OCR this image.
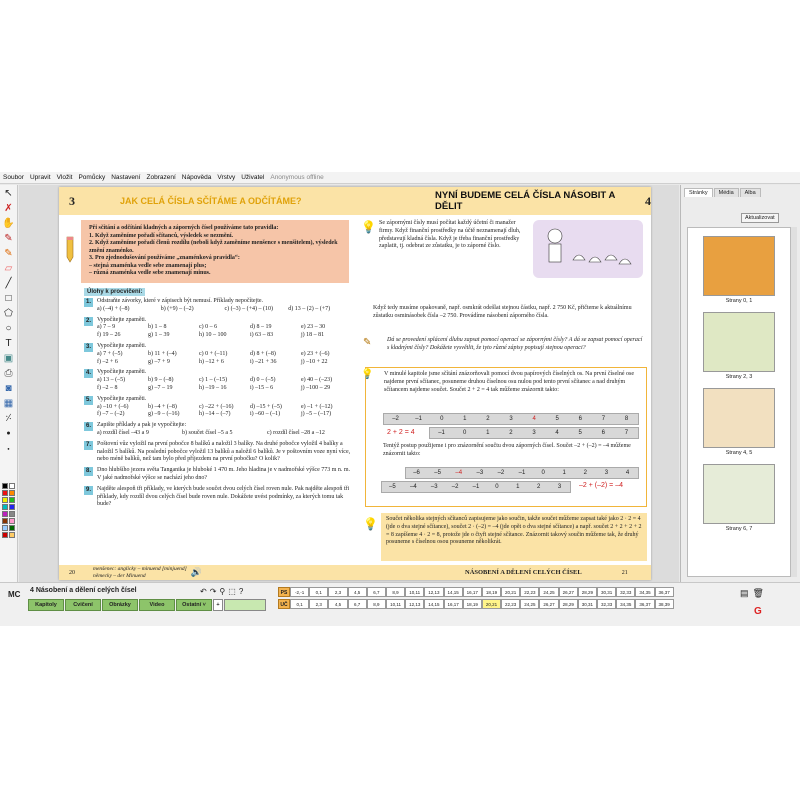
Soubor Upravit Vložit Pomůcky Nastavení Zobrazení Nápověda Vrstvy Uživatel Anonymous offline
↖
✗
✋
✎
✎
▱
╱
□
⬠
○
T
▣
⎙
◙
▦
⸓
●
●
3	JAK CELÁ ČÍSLA SČÍTÁME A ODČÍTÁME?	NYNÍ BUDEME CELÁ ČÍSLA NÁSOBIT A DĚLIT	4
Při sčítání a odčítání kladných a záporných čísel používáme tato pravidla:
1. Když zaměníme pořadí sčítanců, výsledek se nezmění.
2. Když zaměníme pořadí členů rozdílu (neboli když zaměníme menšence s menšitelem), výsledek změní znaménko.
3. Pro zjednodušování používáme „znaménková pravidla“:
– stejná znaménka vedle sebe znamenají plus;
– různá znaménka vedle sebe znamenají minus.
Úlohy k procvičení:
1.	Odstraňte závorky, které v zápisech být nemusí. Příklady nepočítejte.
a) (–4) + (–8)	b) (+9) – (–2)	c) (–3) – (+4) – (10)	d) 13 – (2) – (+7)
2.	Vypočítejte zpaměti.
a) 7 – 9	b) 1 – 8	c) 0 – 6	d) 8 – 19	e) 23 – 30
f) 19 – 26	g) 1 – 39	h) 10 – 100	i) 63 – 83	j) 18 – 81
3.	Vypočítejte zpaměti.
a) 7 + (–5)	b) 11 + (–4)	c) 0 + (–11)	d) 8 + (–8)	e) 23 + (–6)
f) –2 + 6	g) –7 + 9	h) –12 + 6	i) –21 + 36	j) –10 + 22
4.	Vypočítejte zpaměti.
a) 13 – (–5)	b) 9 – (–8)	c) 1 – (–15)	d) 0 – (–5)	e) 40 – (–23)
f) –2 – 8	g) –7 – 19	h) –19 – 16	i) –15 – 6	j) –100 – 29
5.	Vypočítejte zpaměti.
a) –10 + (–6)	b) –4 + (–8)	c) –22 + (–16)	d) –15 + (–5)	e) –1 + (–12)
f) –7 – (–2)	g) –9 – (–16)	h) –14 – (–7)	i) –60 – (–1)	j) –5 – (–17)
6.	Zapište příklady a pak je vypočítejte:
a) rozdíl čísel –43 a 9	b) součet čísel –5 a 5	c) rozdíl čísel –28 a –12
7.	Poštovní vůz vyložil na první pobočce 8 balíků a naložil 3 balíky. Na druhé pobočce vyložil 4 balíky a naložil 5 balíků. Na poslední pobočce vyložil 13 balíků a naložil 6 balíků. Je v poštovním voze nyní více, nebo méně balíků, než tam bylo před příjezdem na první pobočku? O kolik?
8.	Dno hlubšího jezera světa Tanganika je hluboké 1 470 m. Jeho hladina je v nadmořské výšce 773 m n. m. V jaké nadmořské výšce se nachází jeho dno?
9.	Najděte alespoň tři příklady, ve kterých bude součet dvou celých čísel roven nule. Pak najděte alespoň tři příklady, kdy rozdíl dvou celých čísel bude roven nule. Dokážete uvést podmínky, za kterých tomu tak bude?
20
menšenec: anglicky – minuend [minjuend]
německy – der Minuend	🔊	NÁSOBENÍ A DĚLENÍ CELÝCH ČÍSEL	21
💡 Se zápornými čísly musí počítat každý účetní či manažer firmy. Když finanční prostředky na účtě neznamenají dluh, představují kladná čísla. Když je třeba finanční prostředky zaplatit, tj. odebrat ze zůstatku, je to záporné číslo.
Když tedy musíme opakovaně, např. osmkrát odešlat stejnou částku, např. 2 750 Kč, přičteme k aktuálnímu zůstatku osminásobek čísla –2 750. Provádíme násobení záporného čísla.
✎	Dá se provedení splácení dluhu zapsat pomocí operací se zápornými čísly? A dá se zapsat pomocí operací s kladnými čísly? Dokážete vysvětlit, že tyto různé zápisy popisují stejnou operaci?
V minulé kapitole jsme sčítání znázorňovali pomocí dvou papírových číselných os. Na první číselné ose najdeme první sčítanec, posuneme druhou číselnou osu nulou pod tento první sčítanec a nad druhým sčítancem najdeme součet. Součet 2 + 2 = 4 tak můžeme znázornit takto:
💡
–2	–1	0	1	2	3	4	5	6	7	8
–1	0	1	2	3	4	5	6	7
2 + 2 = 4
Tentýž postup použijeme i pro znázornění součtu dvou záporných čísel. Součet –2 + (–2) = –4 můžeme znázornit takto:
–6	–5	–4	–3	–2	–1	0	1	2	3	4
–5	–4	–3	–2	–1	0	1	2	3	–2 + (–2) = –4
💡	Součet několika stejných sčítanců zapisujeme jako součin, takže součet můžeme zapsat také jako 2 · 2 = 4 (jde o dva stejné sčítance), součet 2 · (–2) = –4 (jde opět o dva stejné sčítance) a např. součet 2 + 2 + 2 + 2 = 8 zapíšeme 4 · 2 = 8, protože jde o čtyři stejné sčítance. Znázornit takový součin můžeme tak, že druhý posuneme s číselnou osou posuneme několikrát.
Stránky	Média	Alba
Aktualizovat
Strany 0, 1
Strany 2, 3
Strany 4, 5
Strany 6, 7
MC 4 Násobení a dělení celých čísel
Kapitoly	Cvičení	Obrázky	Video	Ostatní ˅	+
↶ ↷ ⚲ ⬚ ?	PS	-2,-1	0,1	2,3	4,5	6,7	8,9	10,11	12,13	14,15	16,17	18,19	20,21	22,23	24,25	26,27	28,29	30,31	32,33	34,35	36,37
UČ	0,1	2,3	4,5	6,7	8,9	10,11	12,13	14,15	16,17	18,19	20,21	22,23	24,25	26,27	28,29	30,31	32,33	34,35	36,37	38,39
▤ 🗑
G
